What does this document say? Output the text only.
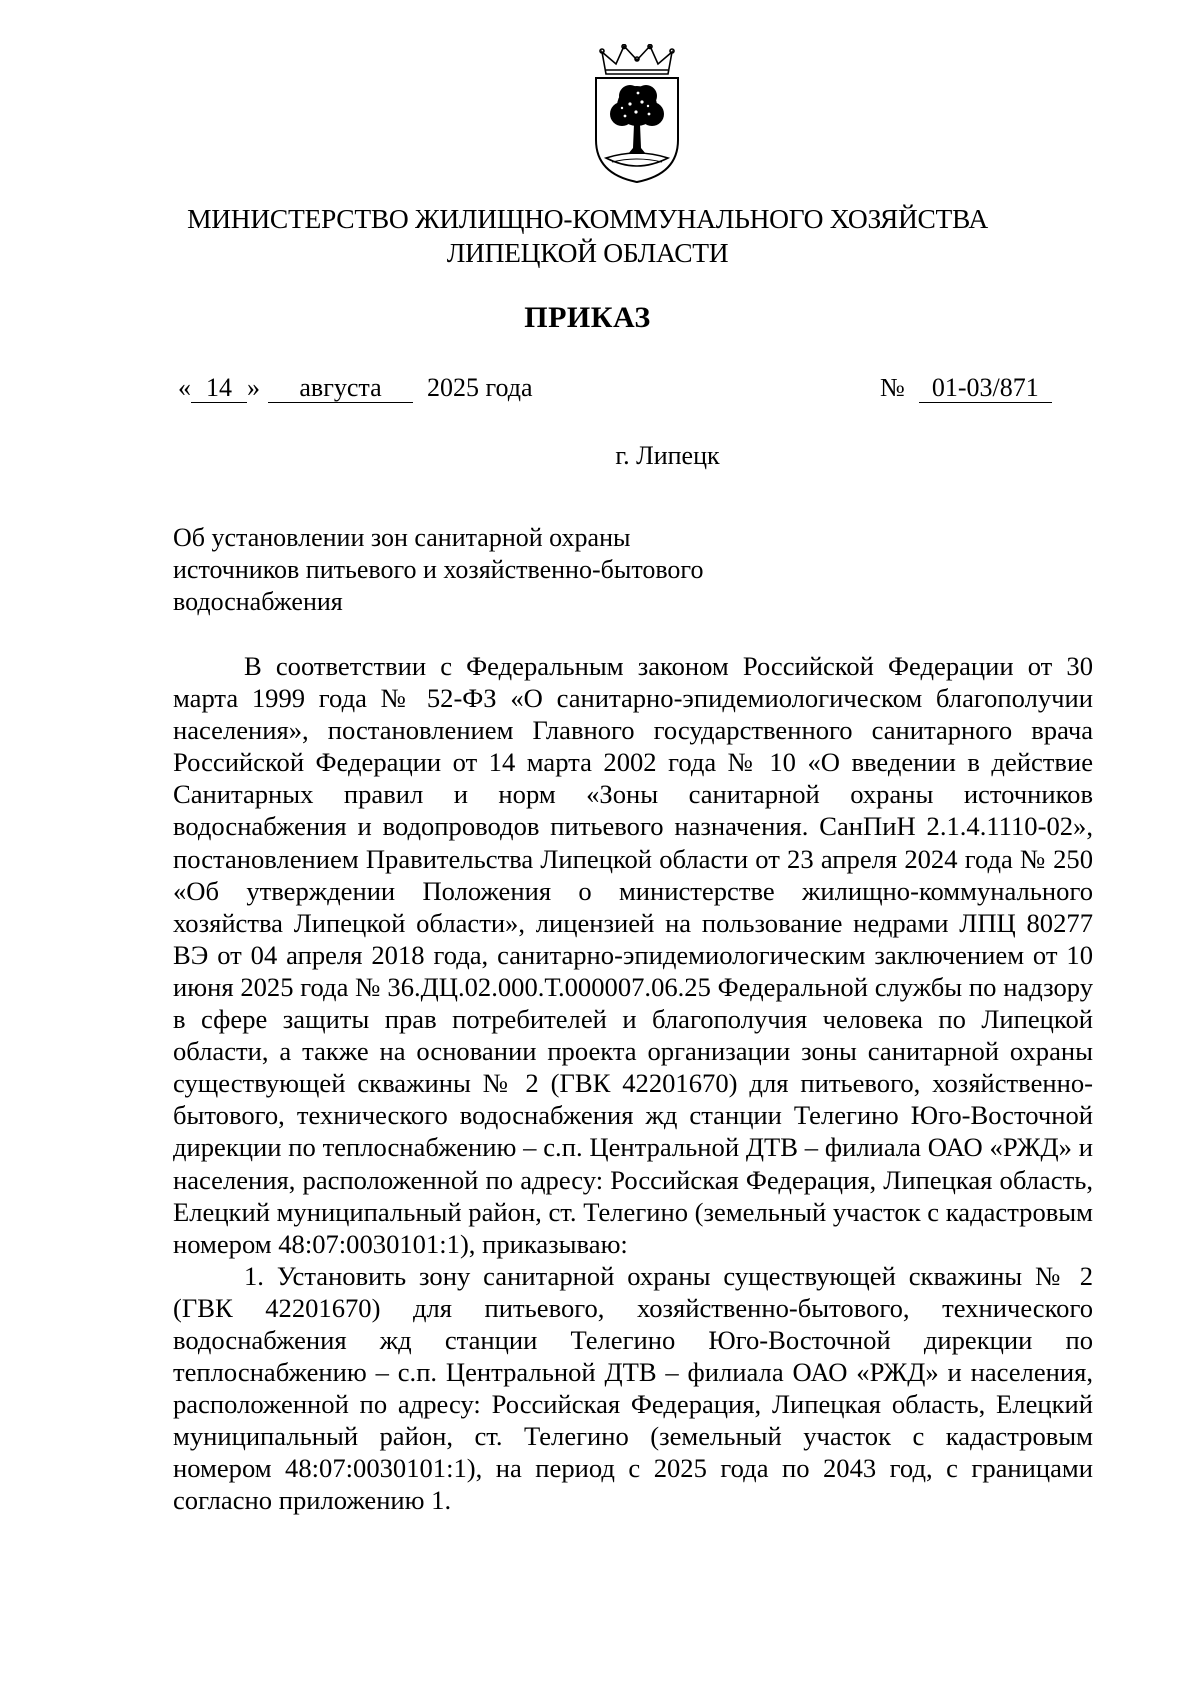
МИНИСТЕРСТВО ЖИЛИЩНО-КОММУНАЛЬНОГО ХОЗЯЙСТВА
ЛИПЕЦКОЙ ОБЛАСТИ
ПРИКАЗ
« 14 » августа 2025 года	№ 01-03/871
г. Липецк
Об установлении зон санитарной охраны
источников питьевого и хозяйственно-бытового
водоснабжения

В соответствии с Федеральным законом Российской Федерации от 30 марта 1999 года № 52-ФЗ «О санитарно-эпидемиологическом благополучии населения», постановлением Главного государственного санитарного врача Российской Федерации от 14 марта 2002 года № 10 «О введении в действие Санитарных правил и норм «Зоны санитарной охраны источников водоснабжения и водопроводов питьевого назначения. СанПиН 2.1.4.1110-02», постановлением Правительства Липецкой области от 23 апреля 2024 года № 250 «Об утверждении Положения о министерстве жилищно-коммунального хозяйства Липецкой области», лицензией на пользование недрами ЛПЦ 80277 ВЭ от 04 апреля 2018 года, санитарно-эпидемиологическим заключением от 10 июня 2025 года № 36.ДЦ.02.000.Т.000007.06.25 Федеральной службы по надзору в сфере защиты прав потребителей и благополучия человека по Липецкой области, а также на основании проекта организации зоны санитарной охраны существующей скважины № 2 (ГВК 42201670) для питьевого, хозяйственно-бытового, технического водоснабжения жд станции Телегино Юго-Восточной дирекции по теплоснабжению – с.п. Центральной ДТВ – филиала ОАО «РЖД» и населения, расположенной по адресу: Российская Федерация, Липецкая область, Елецкий муниципальный район, ст. Телегино (земельный участок с кадастровым номером 48:07:0030101:1), приказываю:

1. Установить зону санитарной охраны существующей скважины № 2 (ГВК 42201670) для питьевого, хозяйственно-бытового, технического водоснабжения жд станции Телегино Юго-Восточной дирекции по теплоснабжению – с.п. Центральной ДТВ – филиала ОАО «РЖД» и населения, расположенной по адресу: Российская Федерация, Липецкая область, Елецкий муниципальный район, ст. Телегино (земельный участок с кадастровым номером 48:07:0030101:1), на период с 2025 года по 2043 год, с границами согласно приложению 1.
